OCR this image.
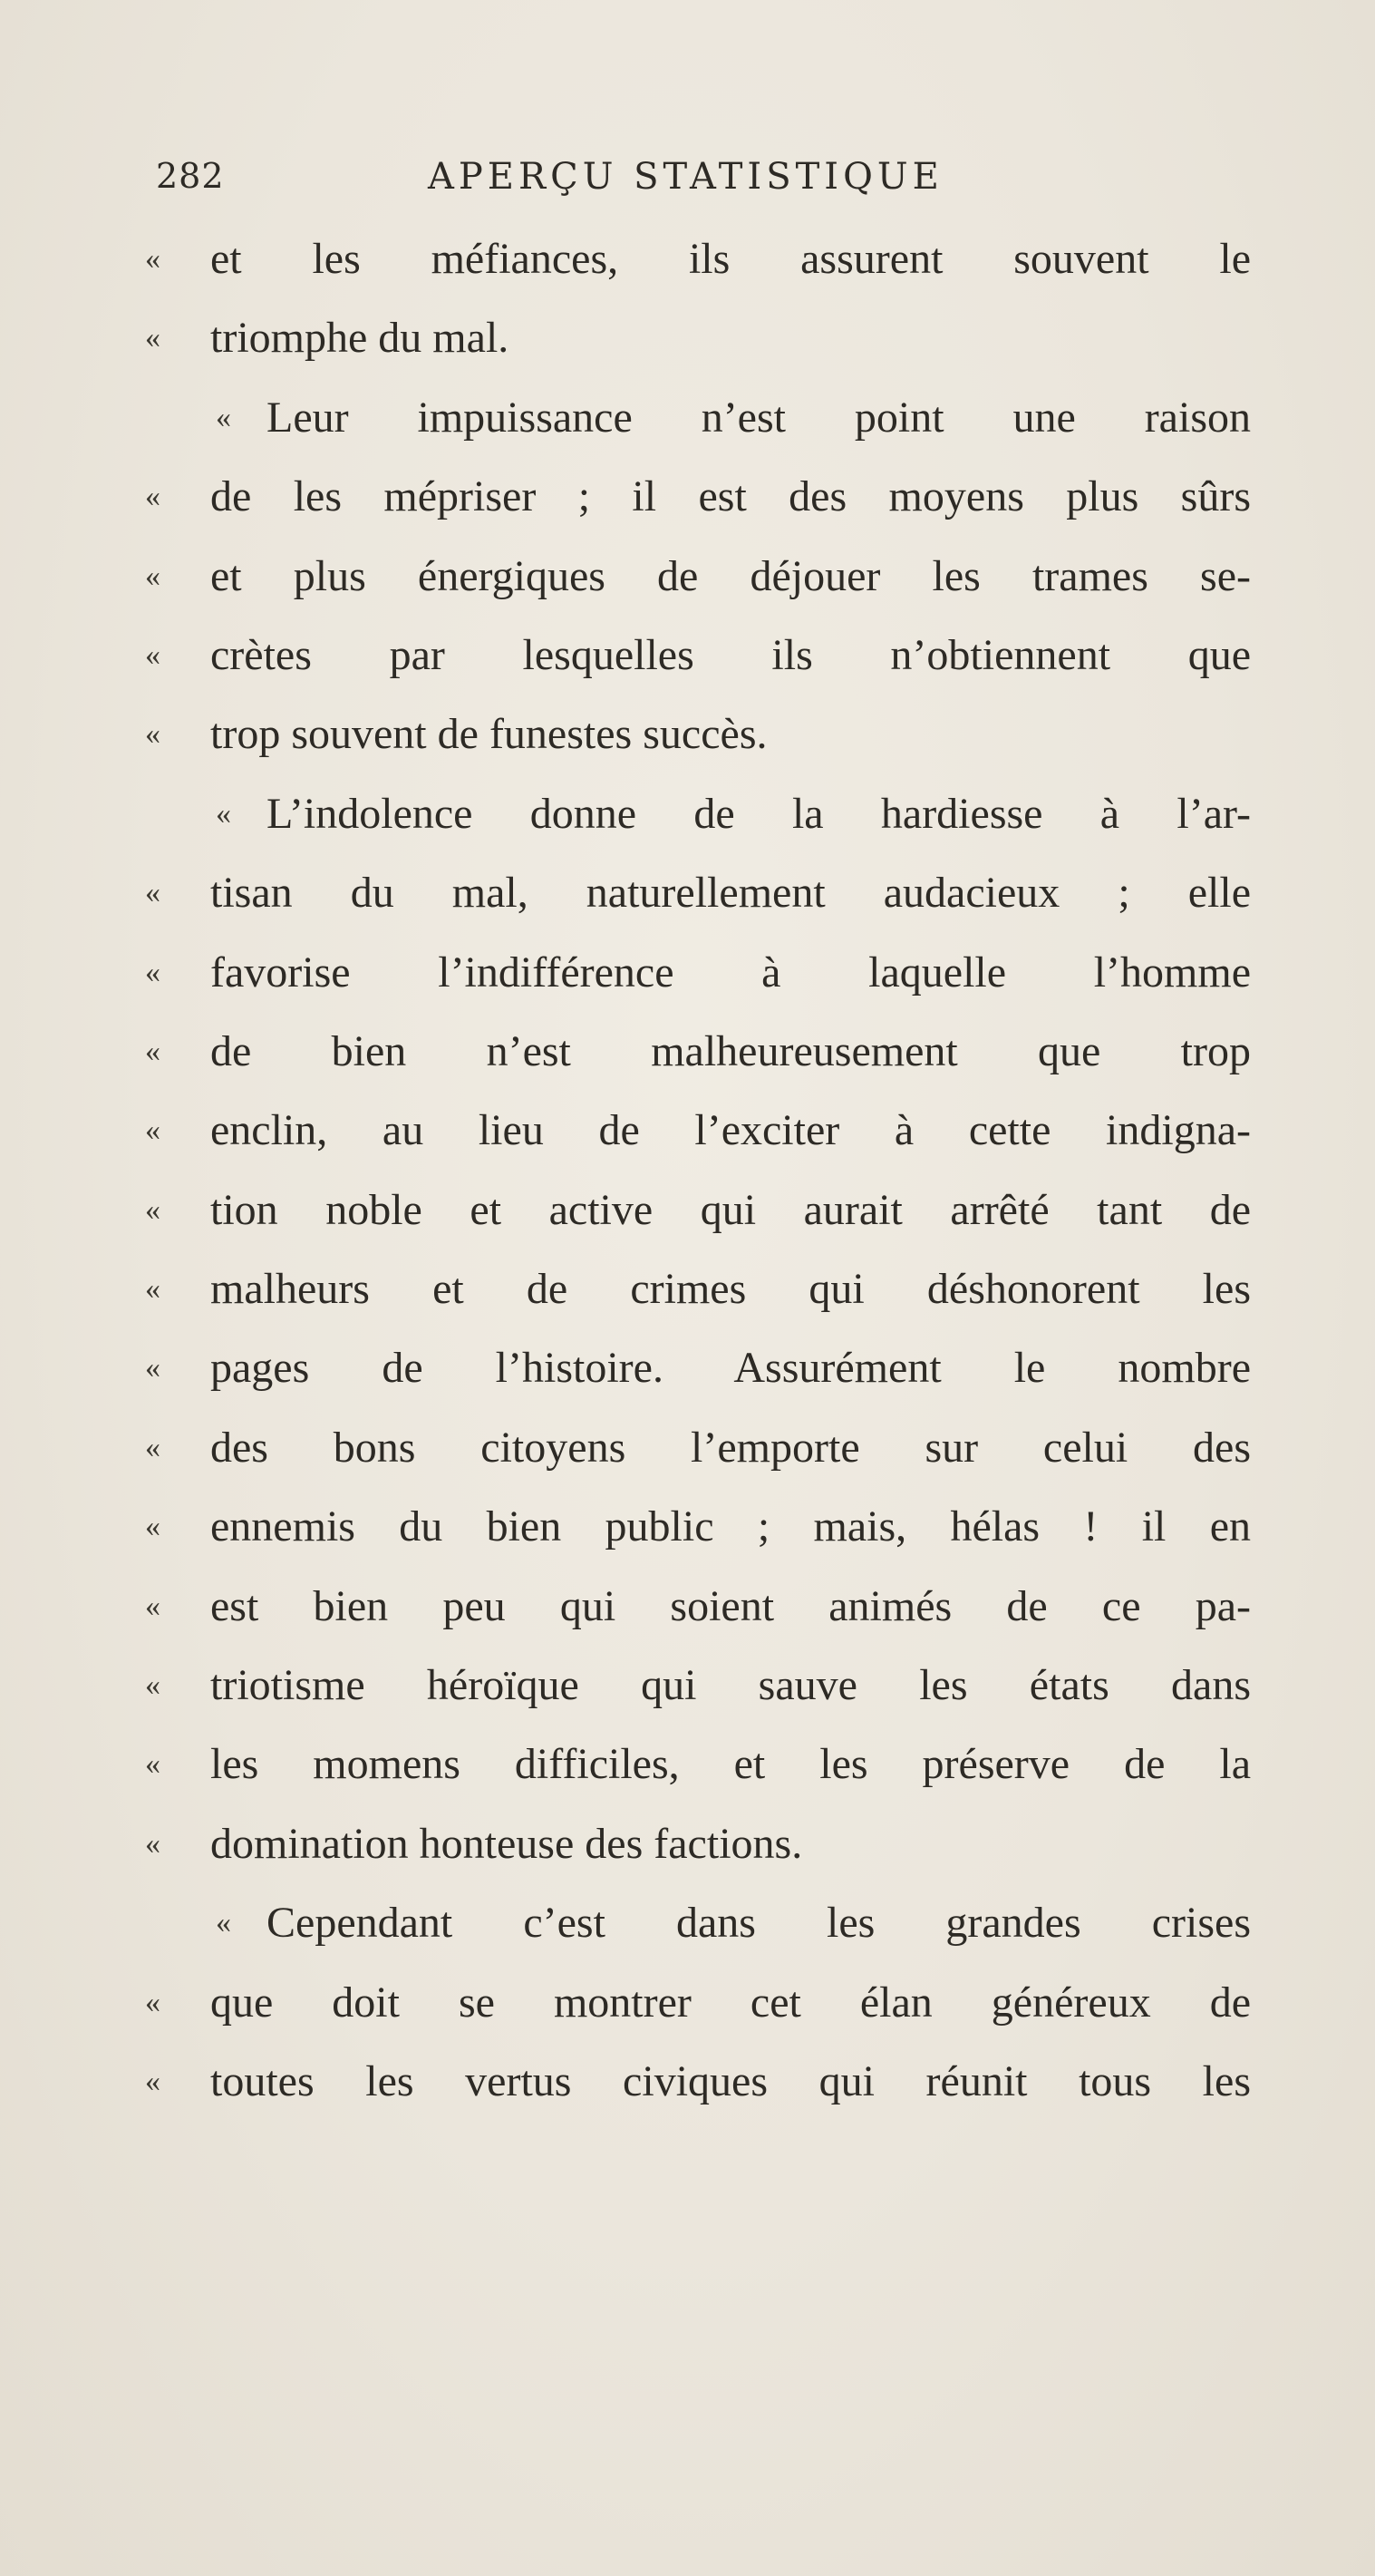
282	APERÇU STATISTIQUE
« et les méfiances, ils assurent souvent le
« triomphe du mal.
« Leur impuissance n’est point une raison
« de les mépriser ; il est des moyens plus sûrs
« et plus énergiques de déjouer les trames se-
« crètes par lesquelles ils n’obtiennent que
« trop souvent de funestes succès.
« L’indolence donne de la hardiesse à l’ar-
« tisan du mal, naturellement audacieux ; elle
« favorise l’indifférence à laquelle l’homme
« de bien n’est malheureusement que trop
« enclin, au lieu de l’exciter à cette indigna-
« tion noble et active qui aurait arrêté tant de
« malheurs et de crimes qui déshonorent les
« pages de l’histoire. Assurément le nombre
« des bons citoyens l’emporte sur celui des
« ennemis du bien public ; mais, hélas ! il en
« est bien peu qui soient animés de ce pa-
« triotisme héroïque qui sauve les états dans
« les momens difficiles, et les préserve de la
« domination honteuse des factions.
« Cependant c’est dans les grandes crises
« que doit se montrer cet élan généreux de
« toutes les vertus civiques qui réunit tous les
